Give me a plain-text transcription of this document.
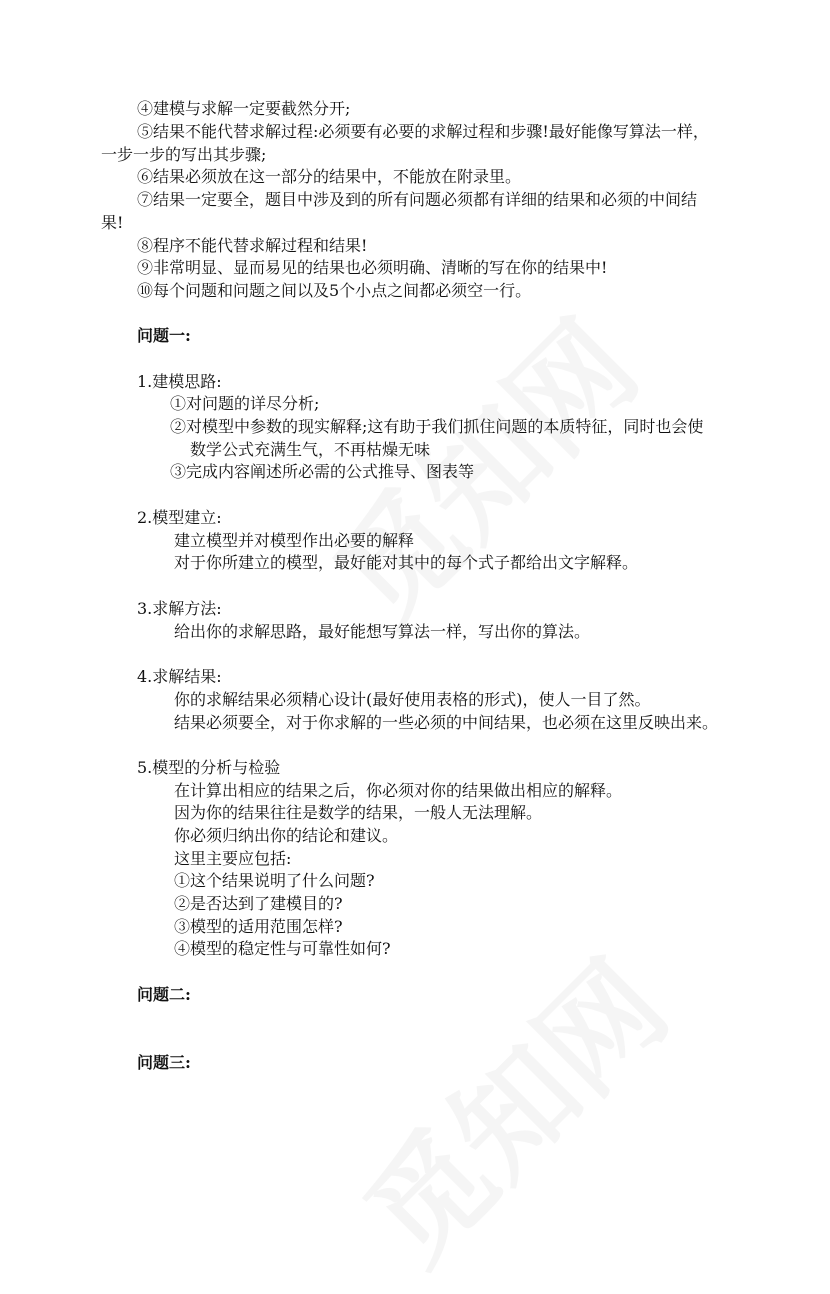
④建模与求解一定要截然分开;
⑤结果不能代替求解过程:必须要有必要的求解过程和步骤!最好能像写算法一样，
一步一步的写出其步骤;
⑥结果必须放在这一部分的结果中，不能放在附录里。
⑦结果一定要全，题目中涉及到的所有问题必须都有详细的结果和必须的中间结
果!
⑧程序不能代替求解过程和结果!
⑨非常明显、显而易见的结果也必须明确、清晰的写在你的结果中!
⑩每个问题和问题之间以及5个小点之间都必须空一行。
问题一:
1.建模思路:
①对问题的详尽分析;
②对模型中参数的现实解释;这有助于我们抓住问题的本质特征，同时也会使
数学公式充满生气，不再枯燥无味
③完成内容阐述所必需的公式推导、图表等
2.模型建立:
建立模型并对模型作出必要的解释
对于你所建立的模型，最好能对其中的每个式子都给出文字解释。
3.求解方法:
给出你的求解思路，最好能想写算法一样，写出你的算法。
4.求解结果:
你的求解结果必须精心设计(最好使用表格的形式)，使人一目了然。
结果必须要全，对于你求解的一些必须的中间结果，也必须在这里反映出来。
5.模型的分析与检验
在计算出相应的结果之后，你必须对你的结果做出相应的解释。
因为你的结果往往是数学的结果，一般人无法理解。
你必须归纳出你的结论和建议。
这里主要应包括:
①这个结果说明了什么问题?
②是否达到了建模目的?
③模型的适用范围怎样?
④模型的稳定性与可靠性如何?
问题二:
问题三:
